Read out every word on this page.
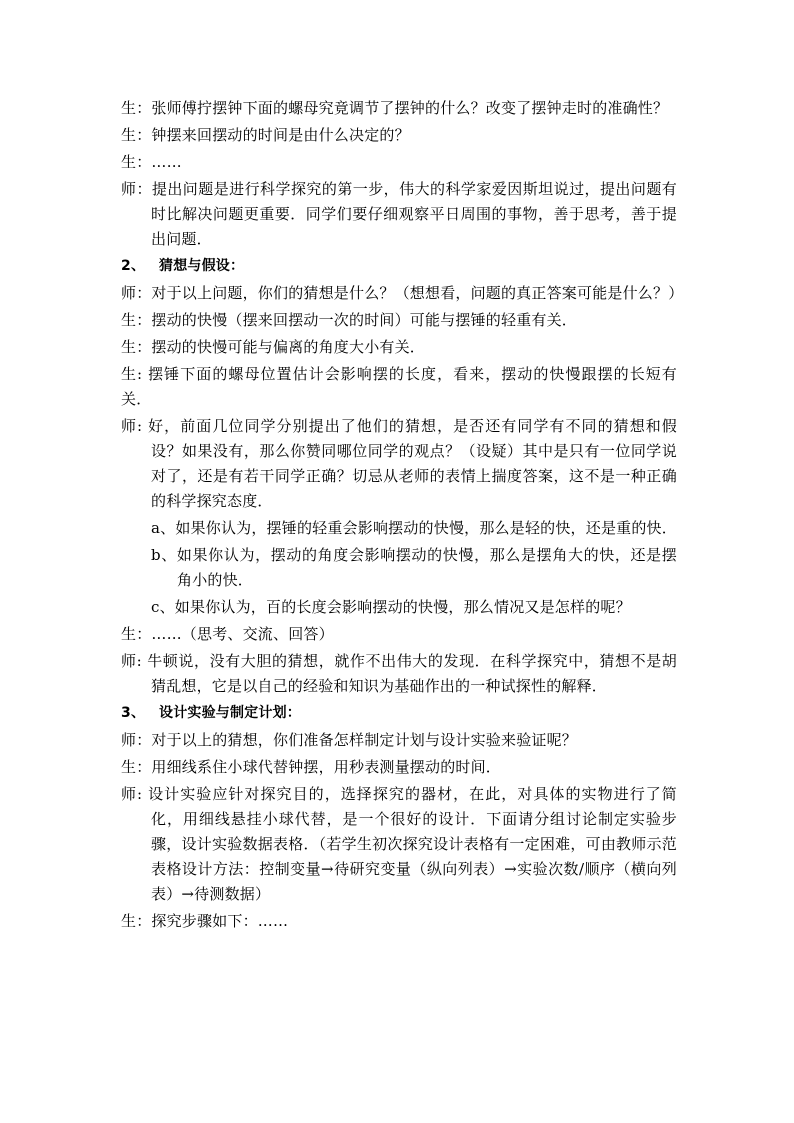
生：张师傅拧摆钟下面的螺母究竟调节了摆钟的什么？改变了摆钟走时的准确性？

生：钟摆来回摆动的时间是由什么决定的？

生：……

师：提出问题是进行科学探究的第一步，伟大的科学家爱因斯坦说过，提出问题有时比解决问题更重要．同学们要仔细观察平日周围的事物，善于思考，善于提出问题．

2、 猜想与假设：

师：对于以上问题，你们的猜想是什么？（想想看，问题的真正答案可能是什么？）

生：摆动的快慢（摆来回摆动一次的时间）可能与摆锤的轻重有关．

生：摆动的快慢可能与偏离的角度大小有关．

生: 摆锤下面的螺母位置估计会影响摆的长度，看来，摆动的快慢跟摆的长短有关．

师: 好，前面几位同学分别提出了他们的猜想，是否还有同学有不同的猜想和假设？如果没有，那么你赞同哪位同学的观点？（设疑）其中是只有一位同学说对了，还是有若干同学正确？切忌从老师的表情上揣度答案，这不是一种正确的科学探究态度．

a、如果你认为，摆锤的轻重会影响摆动的快慢，那么是轻的快，还是重的快．

b、如果你认为，摆动的角度会影响摆动的快慢，那么是摆角大的快，还是摆角小的快．

c、如果你认为，百的长度会影响摆动的快慢，那么情况又是怎样的呢？

生：……（思考、交流、回答）

师: 牛顿说，没有大胆的猜想，就作不出伟大的发现．在科学探究中，猜想不是胡猜乱想，它是以自己的经验和知识为基础作出的一种试探性的解释．

3、 设计实验与制定计划：

师：对于以上的猜想，你们准备怎样制定计划与设计实验来验证呢？

生：用细线系住小球代替钟摆，用秒表测量摆动的时间．

师: 设计实验应针对探究目的，选择探究的器材，在此，对具体的实物进行了简化，用细线悬挂小球代替，是一个很好的设计．下面请分组讨论制定实验步骤，设计实验数据表格．（若学生初次探究设计表格有一定困难，可由教师示范表格设计方法：控制变量→待研究变量（纵向列表）→实验次数/顺序（横向列表）→待测数据）

生：探究步骤如下：……
